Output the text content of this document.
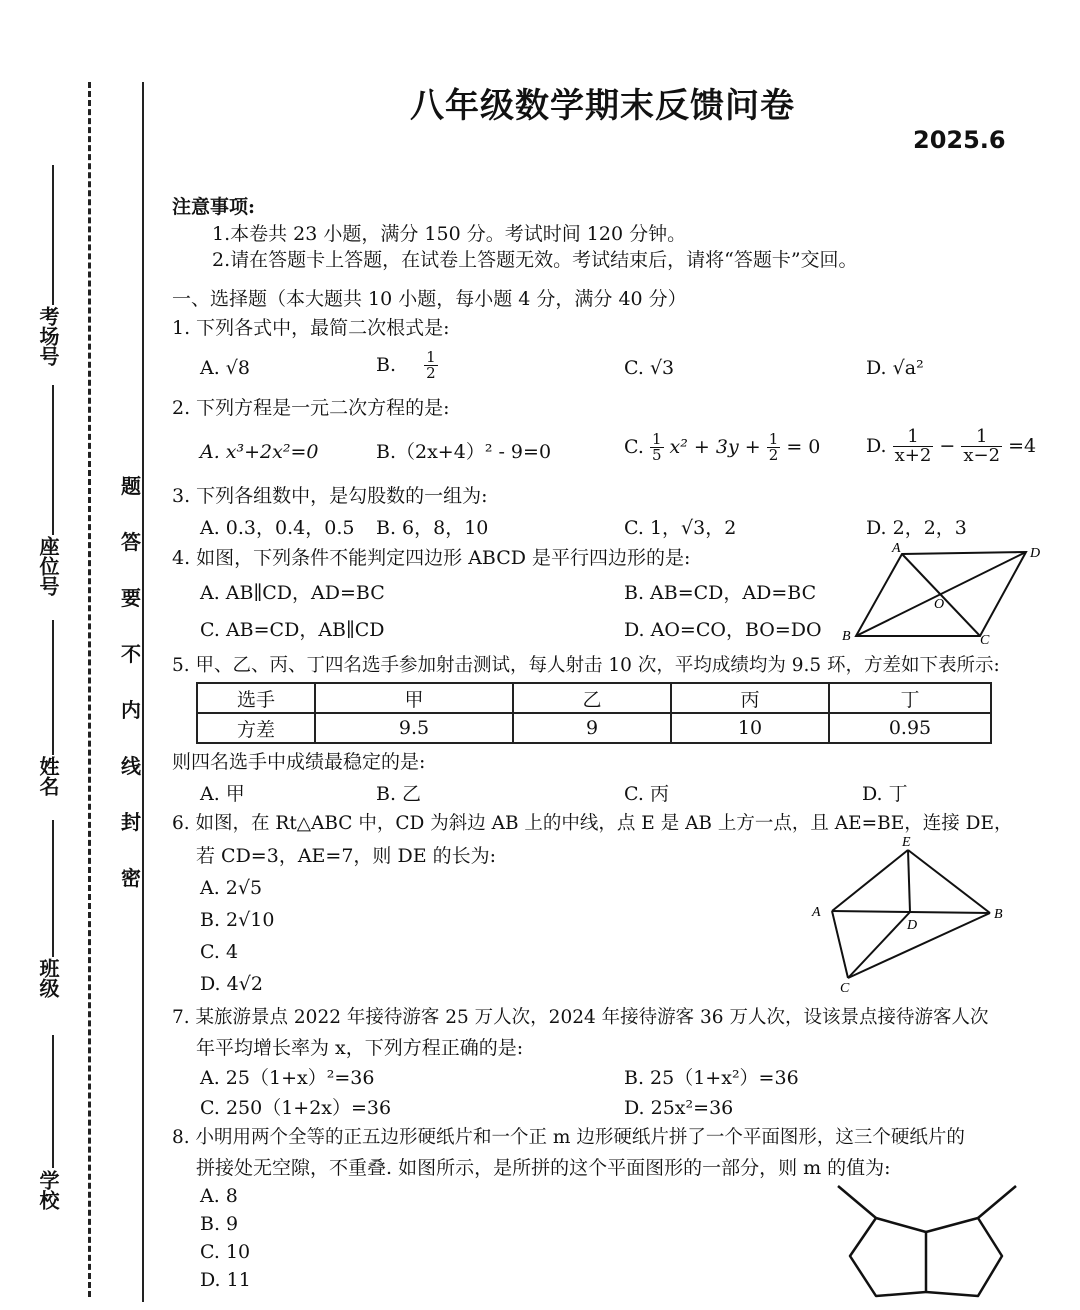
考场号
座位号
姓名
班级
学校
题
答
要
不
内
线
封
密
八年级数学期末反馈问卷
2025.6
注意事项:
1.本卷共 23 小题，满分 150 分。考试时间 120 分钟。
2.请在答题卡上答题，在试卷上答题无效。考试结束后，请将“答题卡”交回。
一、选择题（本大题共 10 小题，每小题 4 分，满分 40 分）
1. 下列各式中，最简二次根式是:
A. √8	B. $\frac{1}{2}$	C. √3	D. √a²
2. 下列方程是一元二次方程的是:
A. x³+2x²=0	B.（2x+4）² - 9=0	C. $\frac{1}{5} x^2 + 3y + \frac{1}{2} = 0$ D. $\frac{1}{x+2} - \frac{1}{x-2} =4$
3. 下列各组数中，是勾股数的一组为:
A. 0.3，0.4，0.5 B. 6，8，10	C. 1，√3，2	D. 2，2，3
4. 如图，下列条件不能判定四边形 ABCD 是平行四边形的是:
A. AB∥CD，AD=BC	B. AB=CD，AD=BC
C. AB=CD，AB∥CD	D. AO=CO，BO=DO
A	D
O
B	C
5. 甲、乙、丙、丁四名选手参加射击测试，每人射击 10 次，平均成绩均为 9.5 环，方差如下表所示:
选手	甲	乙	丙	丁
方差	9.5	9	10	0.95
则四名选手中成绩最稳定的是:
A. 甲	B. 乙	C. 丙	D. 丁
6. 如图，在 Rt△ABC 中，CD 为斜边 AB 上的中线，点 E 是 AB 上方一点，且 AE=BE，连接 DE，
若 CD=3，AE=7，则 DE 的长为:
A. 2√5
B. 2√10
C. 4
D. 4√2
E
A
D
B
C
7. 某旅游景点 2022 年接待游客 25 万人次，2024 年接待游客 36 万人次，设该景点接待游客人次
年平均增长率为 x，下列方程正确的是:
A. 25（1+x）²=36	B. 25（1+x²）=36
C. 250（1+2x）=36	D. 25x²=36
8. 小明用两个全等的正五边形硬纸片和一个正 m 边形硬纸片拼了一个平面图形，这三个硬纸片的
拼接处无空隙，不重叠. 如图所示，是所拼的这个平面图形的一部分，则 m 的值为:
A. 8
B. 9
C. 10
D. 11
